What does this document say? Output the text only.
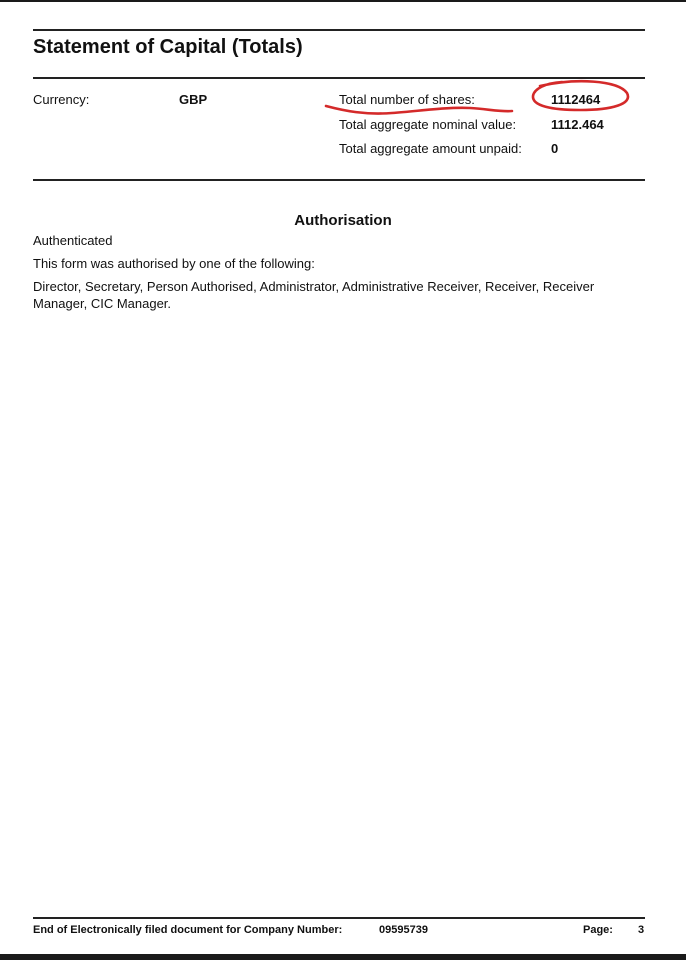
Statement of Capital (Totals)
Currency:	GBP	Total number of shares:	1112464
Total aggregate nominal value:	1112.464
Total aggregate amount unpaid: 0
Authorisation

Authenticated

This form was authorised by one of the following:

Director, Secretary, Person Authorised, Administrator, Administrative Receiver, Receiver, Receiver Manager, CIC Manager.

End of Electronically filed document for Company Number:	09595739	Page: 3
